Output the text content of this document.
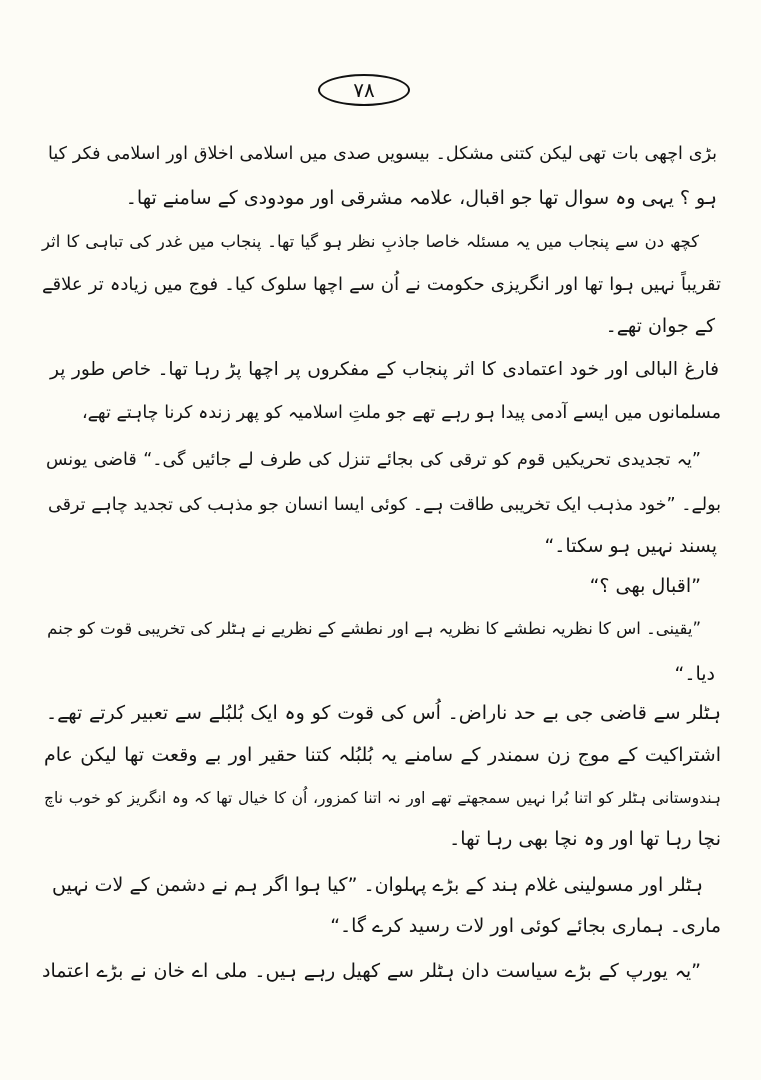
۷۸
بڑی اچھی بات تھی لیکن کتنی مشکل۔ بیسویں صدی میں اسلامی اخلاق اور اسلامی فکر کیا
ہو ؟ یہی وہ سوال تھا جو اقبال، علامہ مشرقی اور مودودی کے سامنے تھا۔
کچھ دن سے پنجاب میں یہ مسئلہ خاصا جاذبِ نظر ہو گیا تھا۔ پنجاب میں غدر کی تباہی کا اثر
تقریباً نہیں ہوا تھا اور انگریزی حکومت نے اُن سے اچھا سلوک کیا۔ فوج میں زیادہ تر علاقے
کے جوان تھے۔
فارغ البالی اور خود اعتمادی کا اثر پنجاب کے مفکروں پر اچھا پڑ رہا تھا۔ خاص طور پر
مسلمانوں میں ایسے آدمی پیدا ہو رہے تھے جو ملتِ اسلامیہ کو پھر زندہ کرنا چاہتے تھے،
”یہ تجدیدی تحریکیں قوم کو ترقی کی بجائے تنزل کی طرف لے جائیں گی۔“ قاضی یونس
بولے۔ ”خود مذہب ایک تخریبی طاقت ہے۔ کوئی ایسا انسان جو مذہب کی تجدید چاہے ترقی
پسند نہیں ہو سکتا۔“
”اقبال بھی ؟“
”یقینی۔ اس کا نظریہ نطشے کا نظریہ ہے اور نطشے کے نظریے نے ہٹلر کی تخریبی قوت کو جنم
دیا۔“
ہٹلر سے قاضی جی بے حد ناراض۔ اُس کی قوت کو وہ ایک بُلبُلے سے تعبیر کرتے تھے۔
اشتراکیت کے موج زن سمندر کے سامنے یہ بُلبُلہ کتنا حقیر اور بے وقعت تھا لیکن عام
ہندوستانی ہٹلر کو اتنا بُرا نہیں سمجھتے تھے اور نہ اتنا کمزور، اُن کا خیال تھا کہ وہ انگریز کو خوب ناچ
نچا رہا تھا اور وہ نچا بھی رہا تھا۔
ہٹلر اور مسولینی غلام ہند کے بڑے پہلوان۔ ”کیا ہوا اگر ہم نے دشمن کے لات نہیں
ماری۔ ہماری بجائے کوئی اور لات رسید کرے گا۔“
”یہ یورپ کے بڑے سیاست دان ہٹلر سے کھیل رہے ہیں۔ ملی اے خان نے بڑے اعتماد
